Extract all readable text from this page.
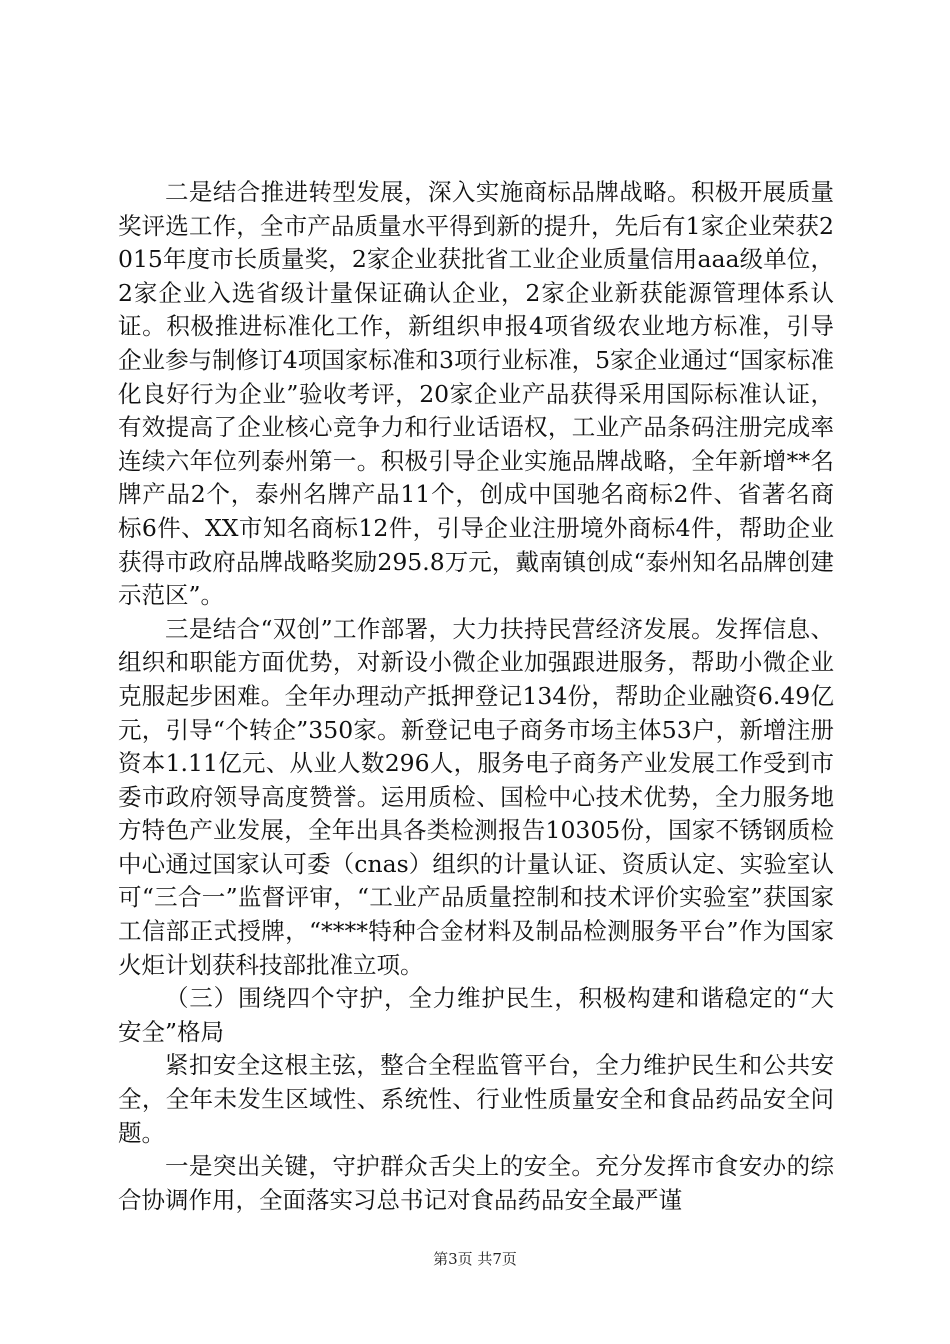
二是结合推进转型发展，深入实施商标品牌战略。积极开展质量奖评选工作，全市产品质量水平得到新的提升，先后有1家企业荣获2015年度市长质量奖，2家企业获批省工业企业质量信用aaa级单位，2家企业入选省级计量保证确认企业，2家企业新获能源管理体系认证。积极推进标准化工作，新组织申报4项省级农业地方标准，引导企业参与制修订4项国家标准和3项行业标准，5家企业通过“国家标准化良好行为企业”验收考评，20家企业产品获得采用国际标准认证，有效提高了企业核心竞争力和行业话语权，工业产品条码注册完成率连续六年位列泰州第一。积极引导企业实施品牌战略，全年新增**名牌产品2个，泰州名牌产品11个，创成中国驰名商标2件、省著名商标6件、XX市知名商标12件，引导企业注册境外商标4件，帮助企业获得市政府品牌战略奖励295.8万元，戴南镇创成“泰州知名品牌创建示范区”。

三是结合“双创”工作部署，大力扶持民营经济发展。发挥信息、组织和职能方面优势，对新设小微企业加强跟进服务，帮助小微企业克服起步困难。全年办理动产抵押登记134份，帮助企业融资6.49亿元，引导“个转企”350家。新登记电子商务市场主体53户，新增注册资本1.11亿元、从业人数296人，服务电子商务产业发展工作受到市委市政府领导高度赞誉。运用质检、国检中心技术优势，全力服务地方特色产业发展，全年出具各类检测报告10305份，国家不锈钢质检中心通过国家认可委（cnas）组织的计量认证、资质认定、实验室认可“三合一”监督评审，“工业产品质量控制和技术评价实验室”获国家工信部正式授牌，“****特种合金材料及制品检测服务平台”作为国家火炬计划获科技部批准立项。

（三）围绕四个守护，全力维护民生，积极构建和谐稳定的“大安全”格局

紧扣安全这根主弦，整合全程监管平台，全力维护民生和公共安全，全年未发生区域性、系统性、行业性质量安全和食品药品安全问题。

一是突出关键，守护群众舌尖上的安全。充分发挥市食安办的综合协调作用，全面落实习总书记对食品药品安全最严谨

第3页 共7页
